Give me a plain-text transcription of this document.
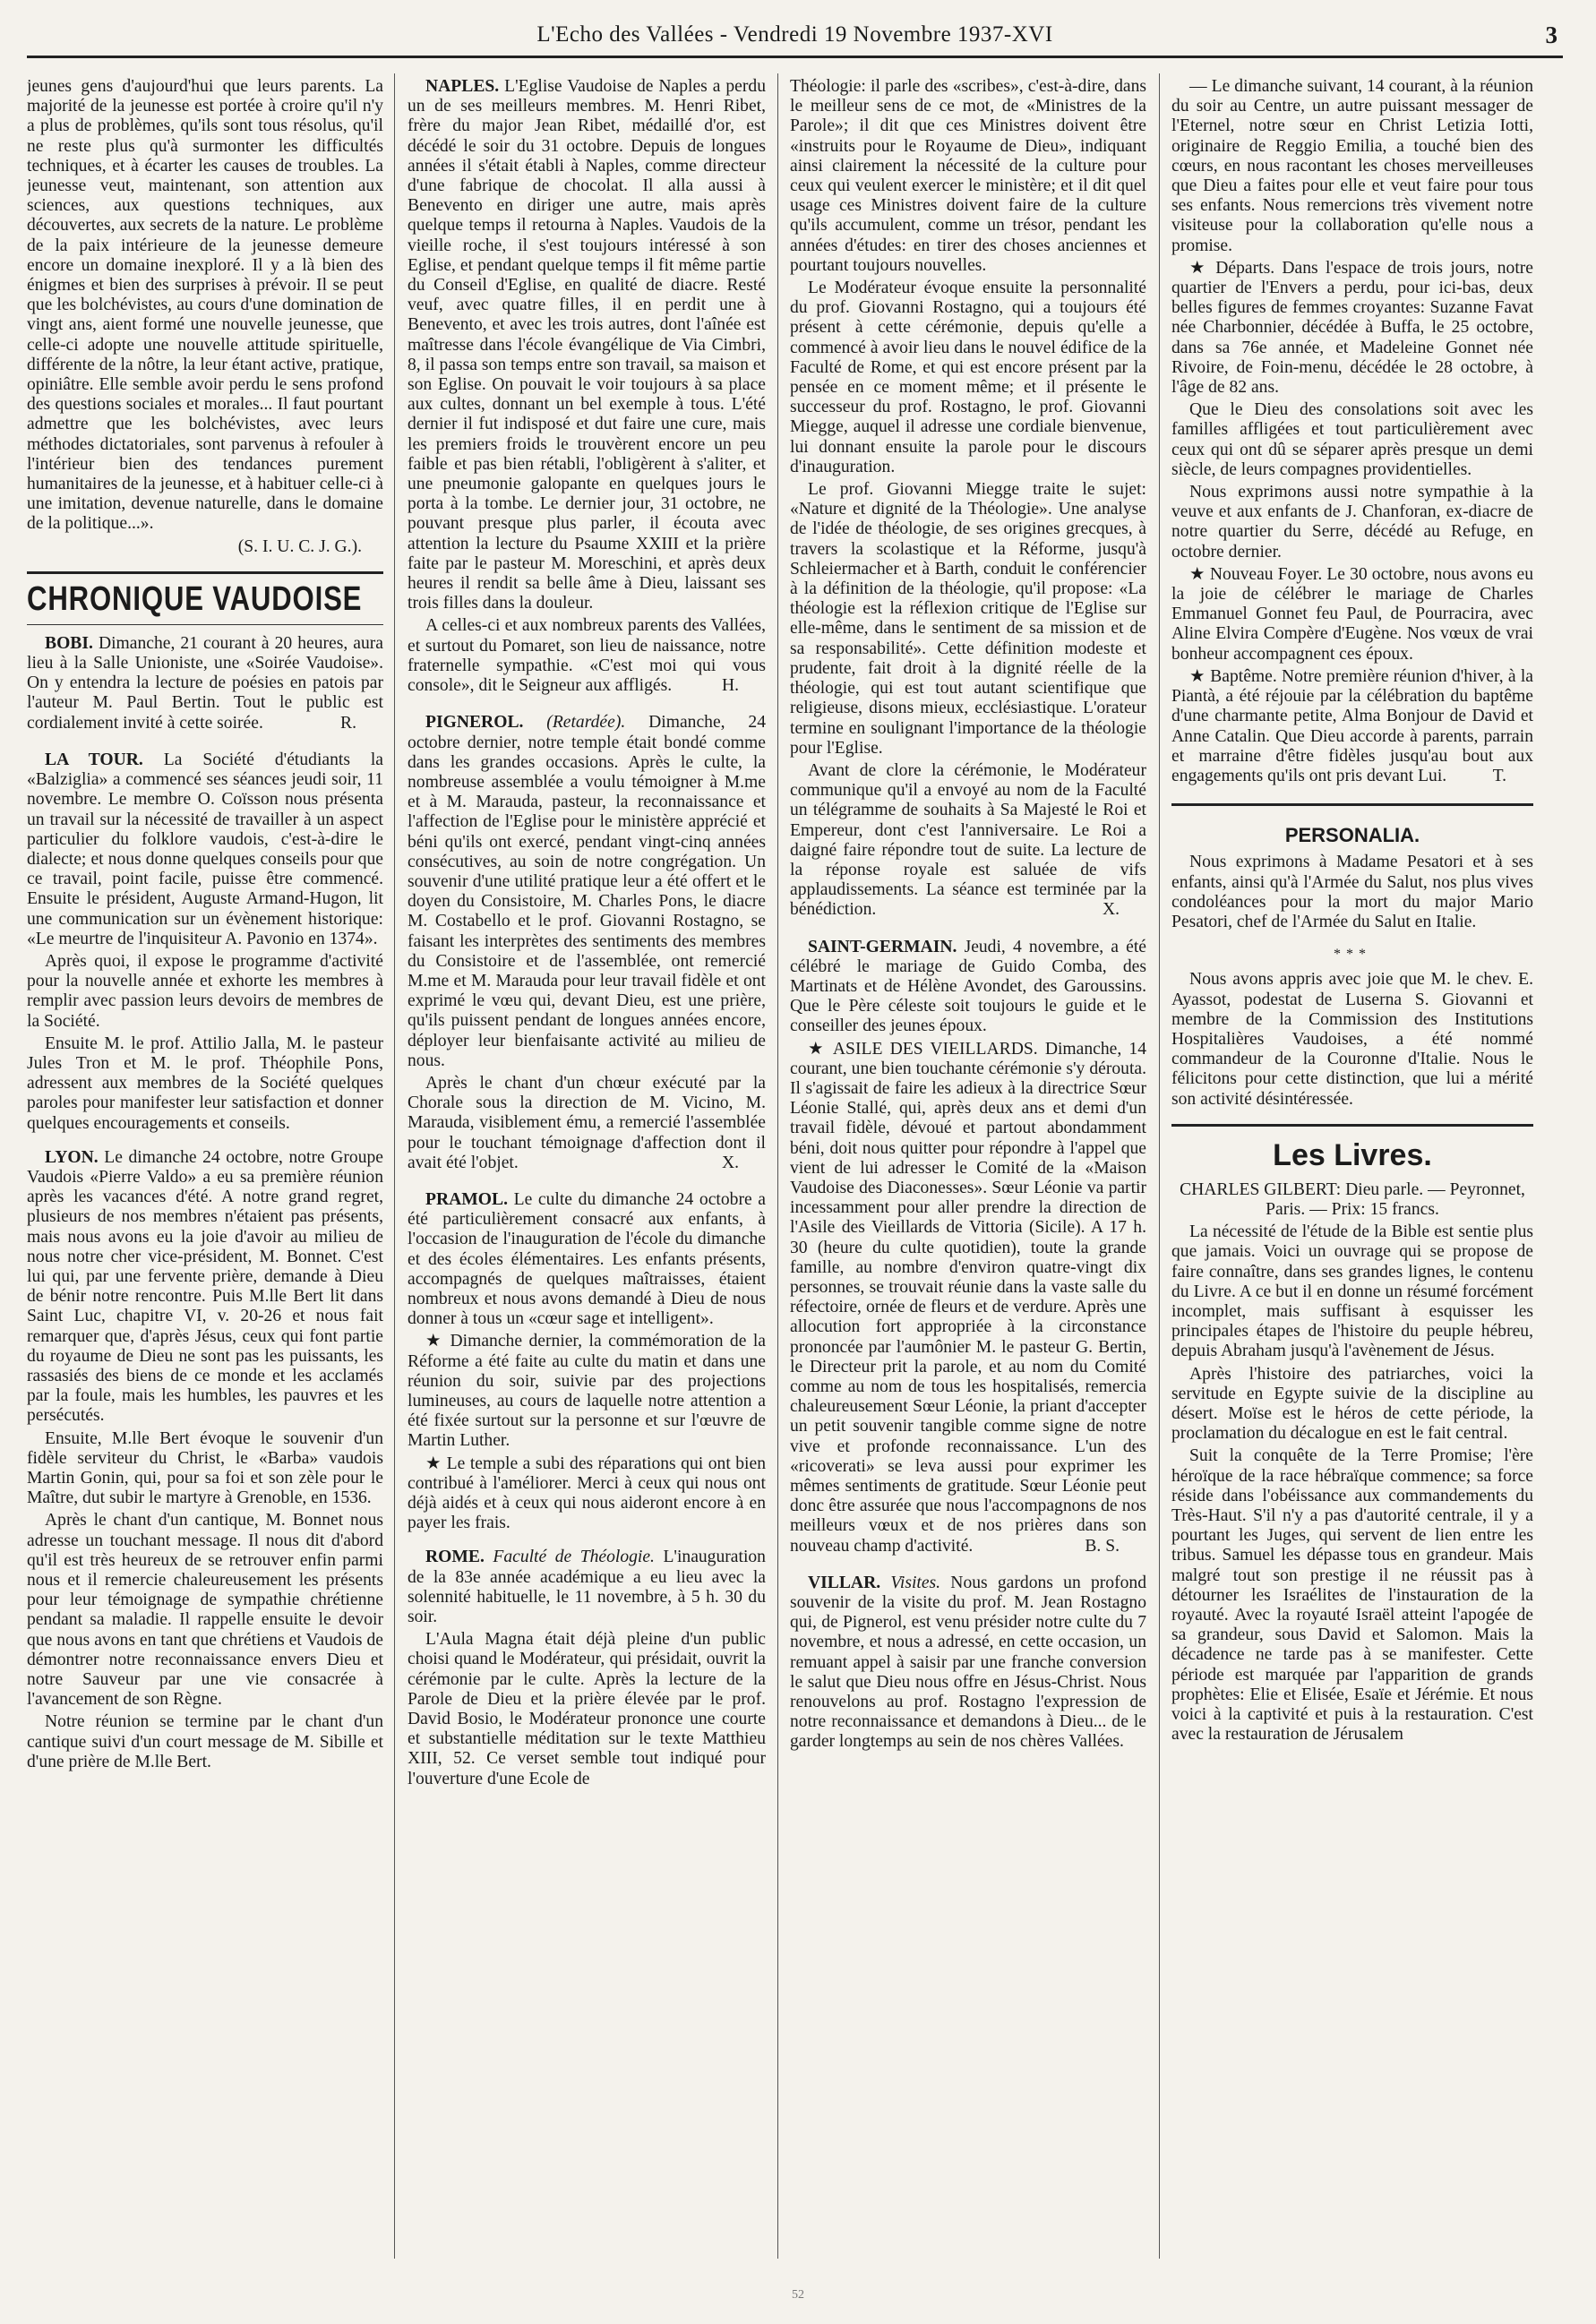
L'Echo des Vallées - Vendredi 19 Novembre 1937-XVI	3

jeunes gens d'aujourd'hui que leurs parents. La majorité de la jeunesse est portée à croire qu'il n'y a plus de problèmes, qu'ils sont tous résolus, qu'il ne reste plus qu'à surmonter les difficultés techniques, et à écarter les causes de troubles. La jeunesse veut, maintenant, son attention aux sciences, aux questions techniques, aux découvertes, aux secrets de la nature. Le problème de la paix intérieure de la jeunesse demeure encore un domaine inexploré. Il y a là bien des énigmes et bien des surprises à prévoir. Il se peut que les bolchévistes, au cours d'une domination de vingt ans, aient formé une nouvelle jeunesse, que celle-ci adopte une nouvelle attitude spirituelle, différente de la nôtre, la leur étant active, pratique, opiniâtre. Elle semble avoir perdu le sens profond des questions sociales et morales... Il faut pourtant admettre que les bolchévistes, avec leurs méthodes dictatoriales, sont parvenus à refouler à l'intérieur bien des tendances purement humanitaires de la jeunesse, et à habituer celle-ci à une imitation, devenue naturelle, dans le domaine de la politique...».

(S. I. U. C. J. G.).
CHRONIQUE VAUDOISE

BOBI. Dimanche, 21 courant à 20 heures, aura lieu à la Salle Unioniste, une «Soirée Vaudoise». On y entendra la lecture de poésies en patois par l'auteur M. Paul Bertin. Tout le public est cordialement invité à cette soirée.	R.

LA TOUR. La Société d'étudiants la «Balziglia» a commencé ses séances jeudi soir, 11 novembre. Le membre O. Coïsson nous présenta un travail sur la nécessité de travailler à un aspect particulier du folklore vaudois, c'est-à-dire le dialecte; et nous donne quelques conseils pour que ce travail, point facile, puisse être commencé. Ensuite le président, Auguste Armand-Hugon, lit une communication sur un évènement historique: «Le meurtre de l'inquisiteur A. Pavonio en 1374».

Après quoi, il expose le programme d'activité pour la nouvelle année et exhorte les membres à remplir avec passion leurs devoirs de membres de la Société.

Ensuite M. le prof. Attilio Jalla, M. le pasteur Jules Tron et M. le prof. Théophile Pons, adressent aux membres de la Société quelques paroles pour manifester leur satisfaction et donner quelques encouragements et conseils.

LYON. Le dimanche 24 octobre, notre Groupe Vaudois «Pierre Valdo» a eu sa première réunion après les vacances d'été. A notre grand regret, plusieurs de nos membres n'étaient pas présents, mais nous avons eu la joie d'avoir au milieu de nous notre cher vice-président, M. Bonnet. C'est lui qui, par une fervente prière, demande à Dieu de bénir notre rencontre. Puis M.lle Bert lit dans Saint Luc, chapitre VI, v. 20-26 et nous fait remarquer que, d'après Jésus, ceux qui font partie du royaume de Dieu ne sont pas les puissants, les rassasiés des biens de ce monde et les acclamés par la foule, mais les humbles, les pauvres et les persécutés.

Ensuite, M.lle Bert évoque le souvenir d'un fidèle serviteur du Christ, le «Barba» vaudois Martin Gonin, qui, pour sa foi et son zèle pour le Maître, dut subir le martyre à Grenoble, en 1536.

Après le chant d'un cantique, M. Bonnet nous adresse un touchant message. Il nous dit d'abord qu'il est très heureux de se retrouver enfin parmi nous et il remercie chaleureusement les présents pour leur témoignage de sympathie chrétienne pendant sa maladie. Il rappelle ensuite le devoir que nous avons en tant que chrétiens et Vaudois de démontrer notre reconnaissance envers Dieu et notre Sauveur par une vie consacrée à l'avancement de son Règne.

Notre réunion se termine par le chant d'un cantique suivi d'un court message de M. Sibille et d'une prière de M.lle Bert.

NAPLES. L'Eglise Vaudoise de Naples a perdu un de ses meilleurs membres. M. Henri Ribet, frère du major Jean Ribet, médaillé d'or, est décédé le soir du 31 octobre. Depuis de longues années il s'était établi à Naples, comme directeur d'une fabrique de chocolat. Il alla aussi à Benevento en diriger une autre, mais après quelque temps il retourna à Naples. Vaudois de la vieille roche, il s'est toujours intéressé à son Eglise, et pendant quelque temps il fit même partie du Conseil d'Eglise, en qualité de diacre. Resté veuf, avec quatre filles, il en perdit une à Benevento, et avec les trois autres, dont l'aînée est maîtresse dans l'école évangélique de Via Cimbri, 8, il passa son temps entre son travail, sa maison et son Eglise. On pouvait le voir toujours à sa place aux cultes, donnant un bel exemple à tous. L'été dernier il fut indisposé et dut faire une cure, mais les premiers froids le trouvèrent encore un peu faible et pas bien rétabli, l'obligèrent à s'aliter, et une pneumonie galopante en quelques jours le porta à la tombe. Le dernier jour, 31 octobre, ne pouvant presque plus parler, il écouta avec attention la lecture du Psaume XXIII et la prière faite par le pasteur M. Moreschini, et après deux heures il rendit sa belle âme à Dieu, laissant ses trois filles dans la douleur.

A celles-ci et aux nombreux parents des Vallées, et surtout du Pomaret, son lieu de naissance, notre fraternelle sympathie. «C'est moi qui vous console», dit le Seigneur aux affligés.	H.

PIGNEROL. (Retardée). Dimanche, 24 octobre dernier, notre temple était bondé comme dans les grandes occasions. Après le culte, la nombreuse assemblée a voulu témoigner à M.me et à M. Marauda, pasteur, la reconnaissance et l'affection de l'Eglise pour le ministère apprécié et béni qu'ils ont exercé, pendant vingt-cinq années consécutives, au soin de notre congrégation. Un souvenir d'une utilité pratique leur a été offert et le doyen du Consistoire, M. Charles Pons, le diacre M. Costabello et le prof. Giovanni Rostagno, se faisant les interprètes des sentiments des membres du Consistoire et de l'assemblée, ont remercié M.me et M. Marauda pour leur travail fidèle et ont exprimé le vœu qui, devant Dieu, est une prière, qu'ils puissent pendant de longues années encore, déployer leur bienfaisante activité au milieu de nous.

Après le chant d'un chœur exécuté par la Chorale sous la direction de M. Vicino, M. Marauda, visiblement ému, a remercié l'assemblée pour le touchant témoignage d'affection dont il avait été l'objet.	X.

PRAMOL. Le culte du dimanche 24 octobre a été particulièrement consacré aux enfants, à l'occasion de l'inauguration de l'école du dimanche et des écoles élémentaires. Les enfants présents, accompagnés de quelques maîtraisses, étaient nombreux et nous avons demandé à Dieu de nous donner à tous un «cœur sage et intelligent».

★ Dimanche dernier, la commémoration de la Réforme a été faite au culte du matin et dans une réunion du soir, suivie par des projections lumineuses, au cours de laquelle notre attention a été fixée surtout sur la personne et sur l'œuvre de Martin Luther.

★ Le temple a subi des réparations qui ont bien contribué à l'améliorer. Merci à ceux qui nous ont déjà aidés et à ceux qui nous aideront encore à en payer les frais.

ROME. Faculté de Théologie. L'inauguration de la 83e année académique a eu lieu avec la solennité habituelle, le 11 novembre, à 5 h. 30 du soir.

L'Aula Magna était déjà pleine d'un public choisi quand le Modérateur, qui présidait, ouvrit la cérémonie par le culte. Après la lecture de la Parole de Dieu et la prière élevée par le prof. David Bosio, le Modérateur prononce une courte et substantielle méditation sur le texte Matthieu XIII, 52. Ce verset semble tout indiqué pour l'ouverture d'une Ecole de

Théologie: il parle des «scribes», c'est-à-dire, dans le meilleur sens de ce mot, de «Ministres de la Parole»; il dit que ces Ministres doivent être «instruits pour le Royaume de Dieu», indiquant ainsi clairement la nécessité de la culture pour ceux qui veulent exercer le ministère; et il dit quel usage ces Ministres doivent faire de la culture qu'ils accumulent, comme un trésor, pendant les années d'études: en tirer des choses anciennes et pourtant toujours nouvelles.

Le Modérateur évoque ensuite la personnalité du prof. Giovanni Rostagno, qui a toujours été présent à cette cérémonie, depuis qu'elle a commencé à avoir lieu dans le nouvel édifice de la Faculté de Rome, et qui est encore présent par la pensée en ce moment même; et il présente le successeur du prof. Rostagno, le prof. Giovanni Miegge, auquel il adresse une cordiale bienvenue, lui donnant ensuite la parole pour le discours d'inauguration.

Le prof. Giovanni Miegge traite le sujet: «Nature et dignité de la Théologie». Une analyse de l'idée de théologie, de ses origines grecques, à travers la scolastique et la Réforme, jusqu'à Schleiermacher et à Barth, conduit le conférencier à la définition de la théologie, qu'il propose: «La théologie est la réflexion critique de l'Eglise sur elle-même, dans le sentiment de sa mission et de sa responsabilité». Cette définition modeste et prudente, fait droit à la dignité réelle de la théologie, qui est tout autant scientifique que religieuse, disons mieux, ecclésiastique. L'orateur termine en soulignant l'importance de la théologie pour l'Eglise.

Avant de clore la cérémonie, le Modérateur communique qu'il a envoyé au nom de la Faculté un télégramme de souhaits à Sa Majesté le Roi et Empereur, dont c'est l'anniversaire. Le Roi a daigné faire répondre tout de suite. La lecture de la réponse royale est saluée de vifs applaudissements. La séance est terminée par la bénédiction.	X.

SAINT-GERMAIN. Jeudi, 4 novembre, a été célébré le mariage de Guido Comba, des Martinats et de Hélène Avondet, des Garoussins. Que le Père céleste soit toujours le guide et le conseiller des jeunes époux.

★ ASILE DES VIEILLARDS. Dimanche, 14 courant, une bien touchante cérémonie s'y dérouta. Il s'agissait de faire les adieux à la directrice Sœur Léonie Stallé, qui, après deux ans et demi d'un travail fidèle, dévoué et partout abondamment béni, doit nous quitter pour répondre à l'appel que vient de lui adresser le Comité de la «Maison Vaudoise des Diaconesses». Sœur Léonie va partir incessamment pour aller prendre la direction de l'Asile des Vieillards de Vittoria (Sicile). A 17 h. 30 (heure du culte quotidien), toute la grande famille, au nombre d'environ quatre-vingt dix personnes, se trouvait réunie dans la vaste salle du réfectoire, ornée de fleurs et de verdure. Après une allocution fort appropriée à la circonstance prononcée par l'aumônier M. le pasteur G. Bertin, le Directeur prit la parole, et au nom du Comité comme au nom de tous les hospitalisés, remercia chaleureusement Sœur Léonie, la priant d'accepter un petit souvenir tangible comme signe de notre vive et profonde reconnaissance. L'un des «ricoverati» se leva aussi pour exprimer les mêmes sentiments de gratitude. Sœur Léonie peut donc être assurée que nous l'accompagnons de nos meilleurs vœux et de nos prières dans son nouveau champ d'activité.	B. S.

VILLAR. Visites. Nous gardons un profond souvenir de la visite du prof. M. Jean Rostagno qui, de Pignerol, est venu présider notre culte du 7 novembre, et nous a adressé, en cette occasion, un remuant appel à saisir par une franche conversion le salut que Dieu nous offre en Jésus-Christ. Nous renouvelons au prof. Rostagno l'expression de notre reconnaissance et demandons à Dieu... de le garder longtemps au sein de nos chères Vallées.

— Le dimanche suivant, 14 courant, à la réunion du soir au Centre, un autre puissant messager de l'Eternel, notre sœur en Christ Letizia Iotti, originaire de Reggio Emilia, a touché bien des cœurs, en nous racontant les choses merveilleuses que Dieu a faites pour elle et veut faire pour tous ses enfants. Nous remercions très vivement notre visiteuse pour la collaboration qu'elle nous a promise.

★ Départs. Dans l'espace de trois jours, notre quartier de l'Envers a perdu, pour ici-bas, deux belles figures de femmes croyantes: Suzanne Favat née Charbonnier, décédée à Buffa, le 25 octobre, dans sa 76e année, et Madeleine Gonnet née Rivoire, de Foin-menu, décédée le 28 octobre, à l'âge de 82 ans.

Que le Dieu des consolations soit avec les familles affligées et tout particulièrement avec ceux qui ont dû se séparer après presque un demi siècle, de leurs compagnes providentielles.

Nous exprimons aussi notre sympathie à la veuve et aux enfants de J. Chanforan, ex-diacre de notre quartier du Serre, décédé au Refuge, en octobre dernier.

★ Nouveau Foyer. Le 30 octobre, nous avons eu la joie de célébrer le mariage de Charles Emmanuel Gonnet feu Paul, de Pourracira, avec Aline Elvira Compère d'Eugène. Nos vœux de vrai bonheur accompagnent ces époux.

★ Baptême. Notre première réunion d'hiver, à la Piantà, a été réjouie par la célébration du baptême d'une charmante petite, Alma Bonjour de David et Anne Catalin. Que Dieu accorde à parents, parrain et marraine d'être fidèles jusqu'au bout aux engagements qu'ils ont pris devant Lui.	T.

PERSONALIA.

Nous exprimons à Madame Pesatori et à ses enfants, ainsi qu'à l'Armée du Salut, nos plus vives condoléances pour la mort du major Mario Pesatori, chef de l'Armée du Salut en Italie.

***

Nous avons appris avec joie que M. le chev. E. Ayassot, podestat de Luserna S. Giovanni et membre de la Commission des Institutions Hospitalières Vaudoises, a été nommé commandeur de la Couronne d'Italie. Nous le félicitons pour cette distinction, que lui a mérité son activité désintéressée.

Les Livres.

CHARLES GILBERT: Dieu parle. — Peyronnet, Paris. — Prix: 15 francs.

La nécessité de l'étude de la Bible est sentie plus que jamais. Voici un ouvrage qui se propose de faire connaître, dans ses grandes lignes, le contenu du Livre. A ce but il en donne un résumé forcément incomplet, mais suffisant à esquisser les principales étapes de l'histoire du peuple hébreu, depuis Abraham jusqu'à l'avènement de Jésus.

Après l'histoire des patriarches, voici la servitude en Egypte suivie de la discipline au désert. Moïse est le héros de cette période, la proclamation du décalogue en est le fait central.

Suit la conquête de la Terre Promise; l'ère héroïque de la race hébraïque commence; sa force réside dans l'obéissance aux commandements du Très-Haut. S'il n'y a pas d'autorité centrale, il y a pourtant les Juges, qui servent de lien entre les tribus. Samuel les dépasse tous en grandeur. Mais malgré tout son prestige il ne réussit pas à détourner les Israélites de l'instauration de la royauté. Avec la royauté Israël atteint l'apogée de sa grandeur, sous David et Salomon. Mais la décadence ne tarde pas à se manifester. Cette période est marquée par l'apparition de grands prophètes: Elie et Elisée, Esaïe et Jérémie. Et nous voici à la captivité et puis à la restauration. C'est avec la restauration de Jérusalem

52
